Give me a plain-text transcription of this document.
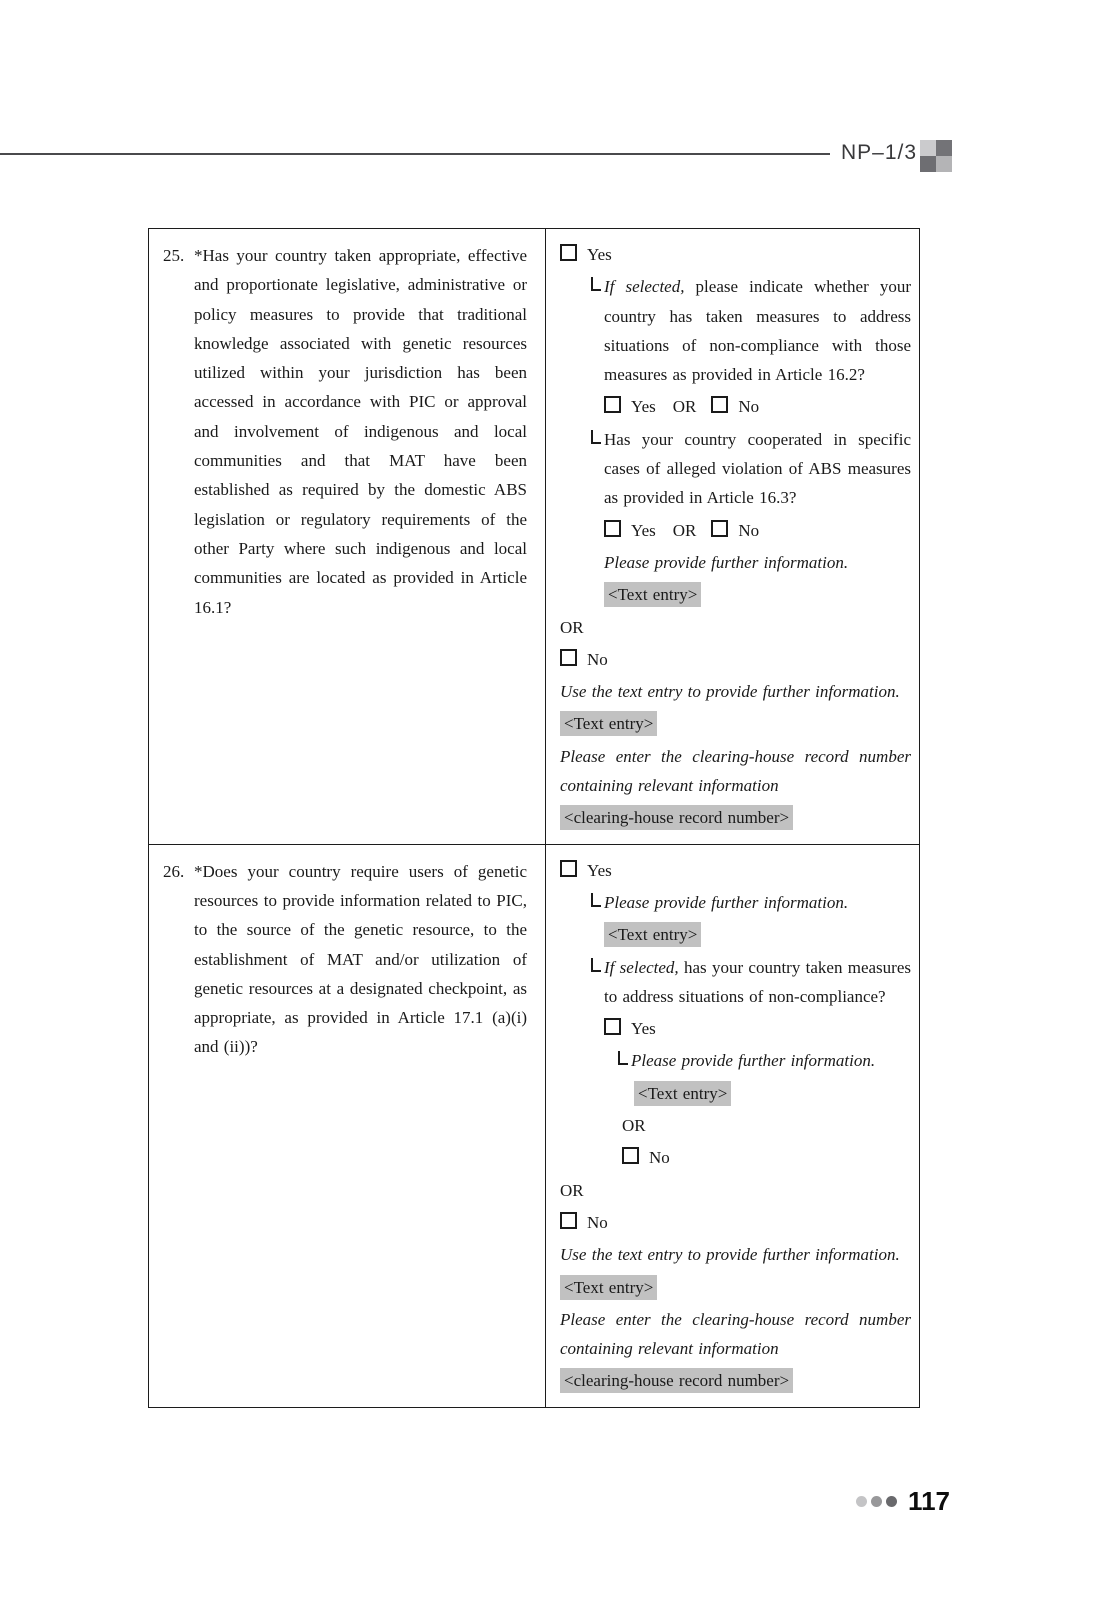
NP–1/3
25. *Has your country taken appropriate, effective and proportionate legislative, administrative or policy measures to provide that traditional knowledge associated with genetic resources utilized within your jurisdiction has been accessed in accordance with PIC or approval and involvement of indigenous and local communities and that MAT have been established as required by the domestic ABS legislation or regulatory requirements of the other Party where such indigenous and local communities are located as provided in Article 16.1?
Yes
If selected, please indicate whether your country has taken measures to address situations of non-compliance with those measures as provided in Article 16.2?
Yes OR No
Has your country cooperated in specific cases of alleged violation of ABS measures as provided in Article 16.3?
Yes OR No
Please provide further information.
<Text entry>
OR
No
Use the text entry to provide further information.
<Text entry>
Please enter the clearing-house record number containing relevant information
<clearing-house record number>
26. *Does your country require users of genetic resources to provide information related to PIC, to the source of the genetic resource, to the establishment of MAT and/or utilization of genetic resources at a designated checkpoint, as appropriate, as provided in Article 17.1 (a)(i) and (ii))?
Yes
Please provide further information.
<Text entry>
If selected, has your country taken measures to address situations of non-compliance?
Yes
Please provide further information.
<Text entry>
OR
No
OR
No
Use the text entry to provide further information.
<Text entry>
Please enter the clearing-house record number containing relevant information
<clearing-house record number>
117
